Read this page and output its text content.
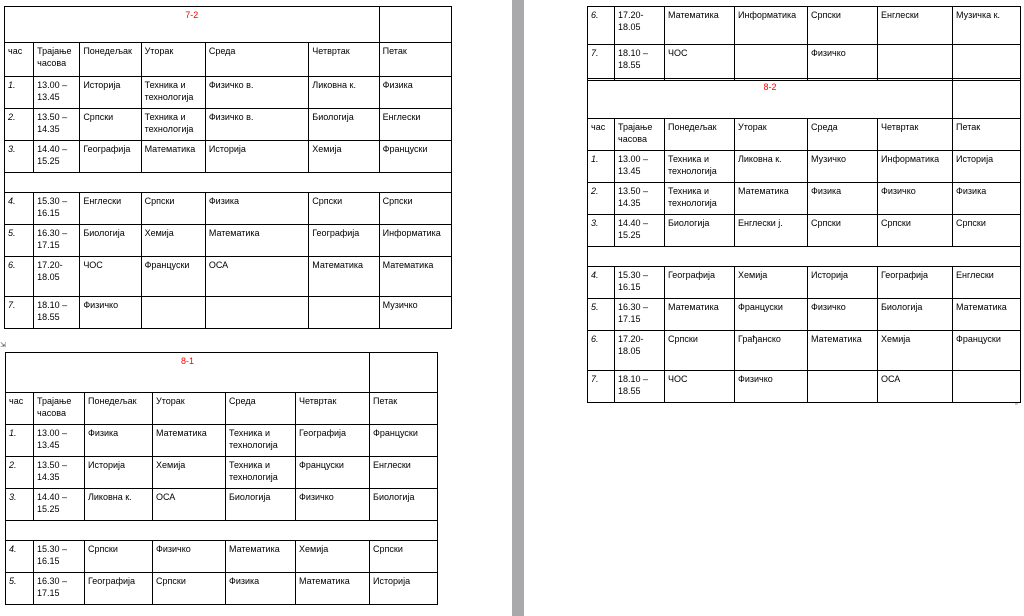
⇲
▫
7-2						
час	Трајање часова	Понедељак	Уторак	Среда	Четвртак	Петак
1.	13.00 – 13.45	Историја	Техника и технологија	Физичко в.	Ликовна к.	Физика
2.	13.50 – 14.35	Српски	Техника и технологија	Физичко в.	Биологија	Енглески
3.	14.40 – 15.25	Географија	Математика	Историја	Хемија	Француски

4.	15.30 – 16.15	Енглески	Српски	Физика	Српски	Српски
5.	16.30 – 17.15	Биологија	Хемија	Математика	Географија	Информатика
6.	17.20- 18.05	ЧОС	Француски	ОСА	Математика	Математика
7.	18.10 – 18.55	Физичко				Музичко
8-1						
час	Трајање часова	Понедељак	Уторак	Среда	Четвртак	Петак
1.	13.00 – 13.45	Физика	Математика	Техника и технологија	Географија	Француски
2.	13.50 – 14.35	Историја	Хемија	Техника и технологија	Француски	Енглески
3.	14.40 – 15.25	Ликовна к.	ОСА	Биологија	Физичко	Биологија

4.	15.30 – 16.15	Српски	Физичко	Математика	Хемија	Српски
5.	16.30 – 17.15	Географија	Српски	Физика	Математика	Историја
6.	17.20- 18.05	Математика	Информатика	Српски	Енглески	Музичка к.
7.	18.10 – 18.55	ЧОС		Физичко		
8-2						
час	Трајање часова	Понедељак	Уторак	Среда	Четвртак	Петак
1.	13.00 – 13.45	Техника и технологија	Ликовна к.	Музичко	Информатика	Историја
2.	13.50 – 14.35	Техника и технологија	Математика	Физика	Физичко	Физика
3.	14.40 – 15.25	Биологија	Енглески ј.	Српски	Српски	Српски

4.	15.30 – 16.15	Географија	Хемија	Историја	Географија	Енглески
5.	16.30 – 17.15	Математика	Француски	Физичко	Биологија	Математика
6.	17.20- 18.05	Српски	Грађанско	Математика	Хемија	Француски
7.	18.10 – 18.55	ЧОС	Физичко		ОСА	
